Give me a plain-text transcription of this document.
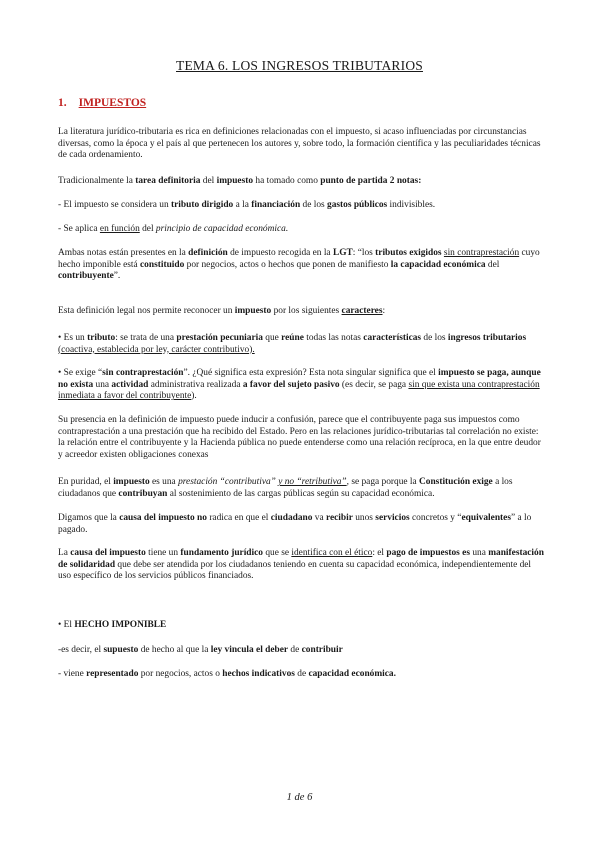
TEMA 6. LOS INGRESOS TRIBUTARIOS
1. IMPUESTOS
La literatura jurídico-tributaria es rica en definiciones relacionadas con el impuesto, si acaso influenciadas por circunstancias diversas, como la época y el país al que pertenecen los autores y, sobre todo, la formación científica y las peculiaridades técnicas de cada ordenamiento.
Tradicionalmente la tarea definitoria del impuesto ha tomado como punto de partida 2 notas:
- El impuesto se considera un tributo dirigido a la financiación de los gastos públicos indivisibles.
- Se aplica en función del principio de capacidad económica.
Ambas notas están presentes en la definición de impuesto recogida en la LGT: “los tributos exigidos sin contraprestación cuyo hecho imponible está constituido por negocios, actos o hechos que ponen de manifiesto la capacidad económica del contribuyente”.
Esta definición legal nos permite reconocer un impuesto por los siguientes caracteres:
• Es un tributo: se trata de una prestación pecuniaria que reúne todas las notas características de los ingresos tributarios (coactiva, establecida por ley, carácter contributivo).
• Se exige “sin contraprestación”. ¿Qué significa esta expresión? Esta nota singular significa que el impuesto se paga, aunque no exista una actividad administrativa realizada a favor del sujeto pasivo (es decir, se paga sin que exista una contraprestación inmediata a favor del contribuyente).
Su presencia en la definición de impuesto puede inducir a confusión, parece que el contribuyente paga sus impuestos como contraprestación a una prestación que ha recibido del Estado. Pero en las relaciones jurídico-tributarias tal correlación no existe: la relación entre el contribuyente y la Hacienda pública no puede entenderse como una relación recíproca, en la que entre deudor y acreedor existen obligaciones conexas
En puridad, el impuesto es una prestación “contributiva” y no “retributiva”, se paga porque la Constitución exige a los ciudadanos que contribuyan al sostenimiento de las cargas públicas según su capacidad económica.
Digamos que la causa del impuesto no radica en que el ciudadano va recibir unos servicios concretos y “equivalentes” a lo pagado.
La causa del impuesto tiene un fundamento jurídico que se identifica con el ético: el pago de impuestos es una manifestación de solidaridad que debe ser atendida por los ciudadanos teniendo en cuenta su capacidad económica, independientemente del uso específico de los servicios públicos financiados.
• El HECHO IMPONIBLE
-es decir, el supuesto de hecho al que la ley vincula el deber de contribuir
- viene representado por negocios, actos o hechos indicativos de capacidad económica.
1 de 6
